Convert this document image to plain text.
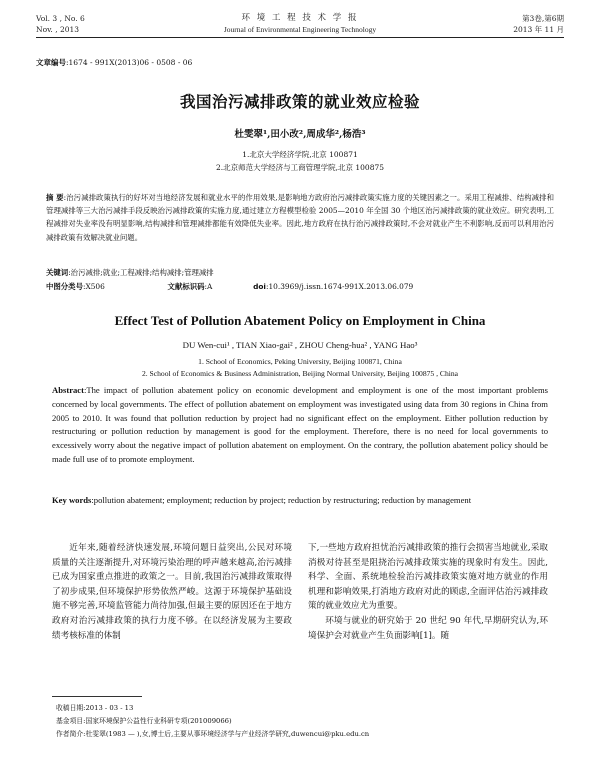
Vol. 3 , No. 6
Nov. , 2013
环 境 工 程 技 术 学 报
Journal of Environmental Engineering Technology
第3卷,第6期
2013 年 11 月
文章编号:1674 - 991X(2013)06 - 0508 - 06
我国治污减排政策的就业效应检验
杜雯翠¹,田小改²,周成华²,杨浩³
1.北京大学经济学院,北京 100871
2.北京师范大学经济与工商管理学院,北京 100875
摘 要:治污减排政策执行的好坏对当地经济发展和就业水平的作用效果,是影响地方政府治污减排政策实施力度的关键因素之一。采用工程减排、结构减排和管理减排等三大治污减排手段反映治污减排政策的实施力度,通过建立方程模型检验 2005—2010 年全国 30 个地区治污减排政策的就业效应。研究表明,工程减排对失业率没有明显影响,结构减排和管理减排都能有效降低失业率。因此,地方政府在执行治污减排政策时,不会对就业产生不利影响,反而可以利用治污减排政策有效解决就业问题。
关键词:治污减排;就业;工程减排;结构减排;管理减排
中图分类号:X506	文献标识码:A	doi:10.3969/j.issn.1674-991X.2013.06.079
Effect Test of Pollution Abatement Policy on Employment in China
DU Wen-cui¹ , TIAN Xiao-gai² , ZHOU Cheng-hua² , YANG Hao³
1. School of Economics, Peking University, Beijing 100871, China
2. School of Economics & Business Administration, Beijing Normal University, Beijing 100875 , China
Abstract:The impact of pollution abatement policy on economic development and employment is one of the most important problems concerned by local governments. The effect of pollution abatement on employment was investigated using data from 30 regions in China from 2005 to 2010. It was found that pollution reduction by project had no significant effect on the employment. Either pollution reduction by restructuring or pollution reduction by management is good for the employment. Therefore, there is no need for local governments to excessively worry about the negative impact of pollution abatement on employment. On the contrary, the pollution abatement policy should be made full use of to promote employment.
Key words:pollution abatement; employment; reduction by project; reduction by restructuring; reduction by management

近年来,随着经济快速发展,环境问题日益突出,公民对环境质量的关注逐渐提升,对环境污染治理的呼声越来越高,治污减排已成为国家重点推进的政策之一。目前,我国治污减排政策取得了初步成果,但环境保护形势依然严峻。这源于环境保护基础设施不够完善,环境监管能力尚待加强,但最主要的原因还在于地方政府对治污减排政策的执行力度不够。在以经济发展为主要政绩考核标准的体制

下,一些地方政府担忧治污减排政策的推行会损害当地就业,采取消极对待甚至是阻挠治污减排政策实施的现象时有发生。因此,科学、全面、系统地检验治污减排政策实施对地方就业的作用机理和影响效果,打消地方政府对此的顾虑,全面评估治污减排政策的就业效应尤为重要。

环境与就业的研究始于 20 世纪 90 年代,早期研究认为,环境保护会对就业产生负面影响[1]。随

收稿日期:2013 - 03 - 13
基金项目:国家环境保护公益性行业科研专项(201009066)
作者简介:杜雯翠(1983 — ),女,博士后,主要从事环境经济学与产业经济学研究,duwencui@pku.edu.cn
